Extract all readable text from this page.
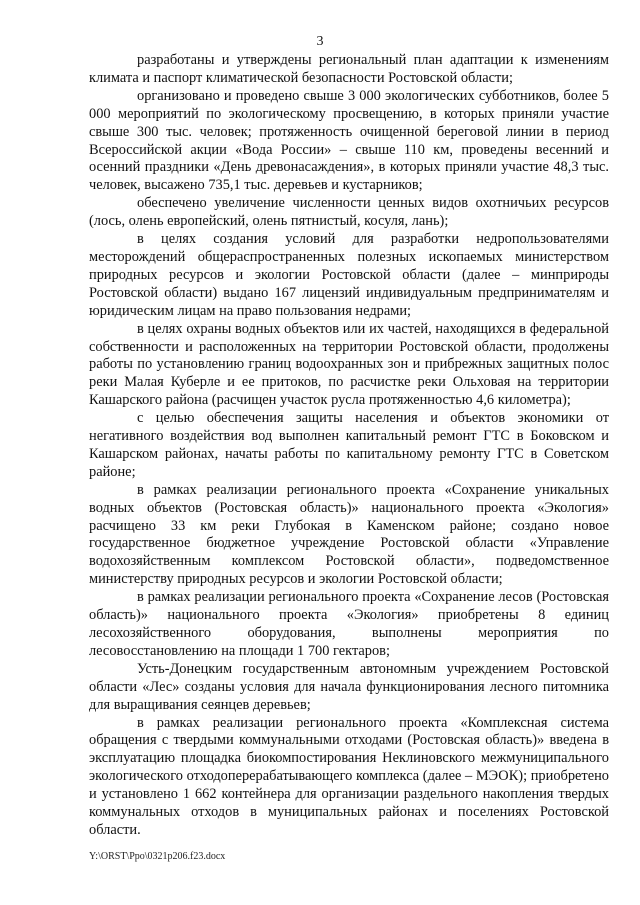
3

разработаны и утверждены региональный план адаптации к изменениям климата и паспорт климатической безопасности Ростовской области;

организовано и проведено свыше 3 000 экологических субботников, более 5 000 мероприятий по экологическому просвещению, в которых приняли участие свыше 300 тыс. человек; протяженность очищенной береговой линии в период Всероссийской акции «Вода России» – свыше 110 км, проведены весенний и осенний праздники «День древонасаждения», в которых приняли участие 48,3 тыс. человек, высажено 735,1 тыс. деревьев и кустарников;

обеспечено увеличение численности ценных видов охотничьих ресурсов (лось, олень европейский, олень пятнистый, косуля, лань);

в целях создания условий для разработки недропользователями месторождений общераспространенных полезных ископаемых министерством природных ресурсов и экологии Ростовской области (далее – минприроды Ростовской области) выдано 167 лицензий индивидуальным предпринимателям и юридическим лицам на право пользования недрами;

в целях охраны водных объектов или их частей, находящихся в федеральной собственности и расположенных на территории Ростовской области, продолжены работы по установлению границ водоохранных зон и прибрежных защитных полос реки Малая Куберле и ее притоков, по расчистке реки Ольховая на территории Кашарского района (расчищен участок русла протяженностью 4,6 километра);

с целью обеспечения защиты населения и объектов экономики от негативного воздействия вод выполнен капитальный ремонт ГТС в Боковском и Кашарском районах, начаты работы по капитальному ремонту ГТС в Советском районе;

в рамках реализации регионального проекта «Сохранение уникальных водных объектов (Ростовская область)» национального проекта «Экология» расчищено 33 км реки Глубокая в Каменском районе; создано новое государственное бюджетное учреждение Ростовской области «Управление водохозяйственным комплексом Ростовской области», подведомственное министерству природных ресурсов и экологии Ростовской области;

в рамках реализации регионального проекта «Сохранение лесов (Ростовская область)» национального проекта «Экология» приобретены 8 единиц лесохозяйственного оборудования, выполнены мероприятия по лесовосстановлению на площади 1 700 гектаров;

Усть-Донецким государственным автономным учреждением Ростовской области «Лес» созданы условия для начала функционирования лесного питомника для выращивания сеянцев деревьев;

в рамках реализации регионального проекта «Комплексная система обращения с твердыми коммунальными отходами (Ростовская область)» введена в эксплуатацию площадка биокомпостирования Неклиновского межмуниципального экологического отходоперерабатывающего комплекса (далее – МЭОК); приобретено и установлено 1 662 контейнера для организации раздельного накопления твердых коммунальных отходов в муниципальных районах и поселениях Ростовской области.

Y:\ORST\Ppo\0321p206.f23.docx
